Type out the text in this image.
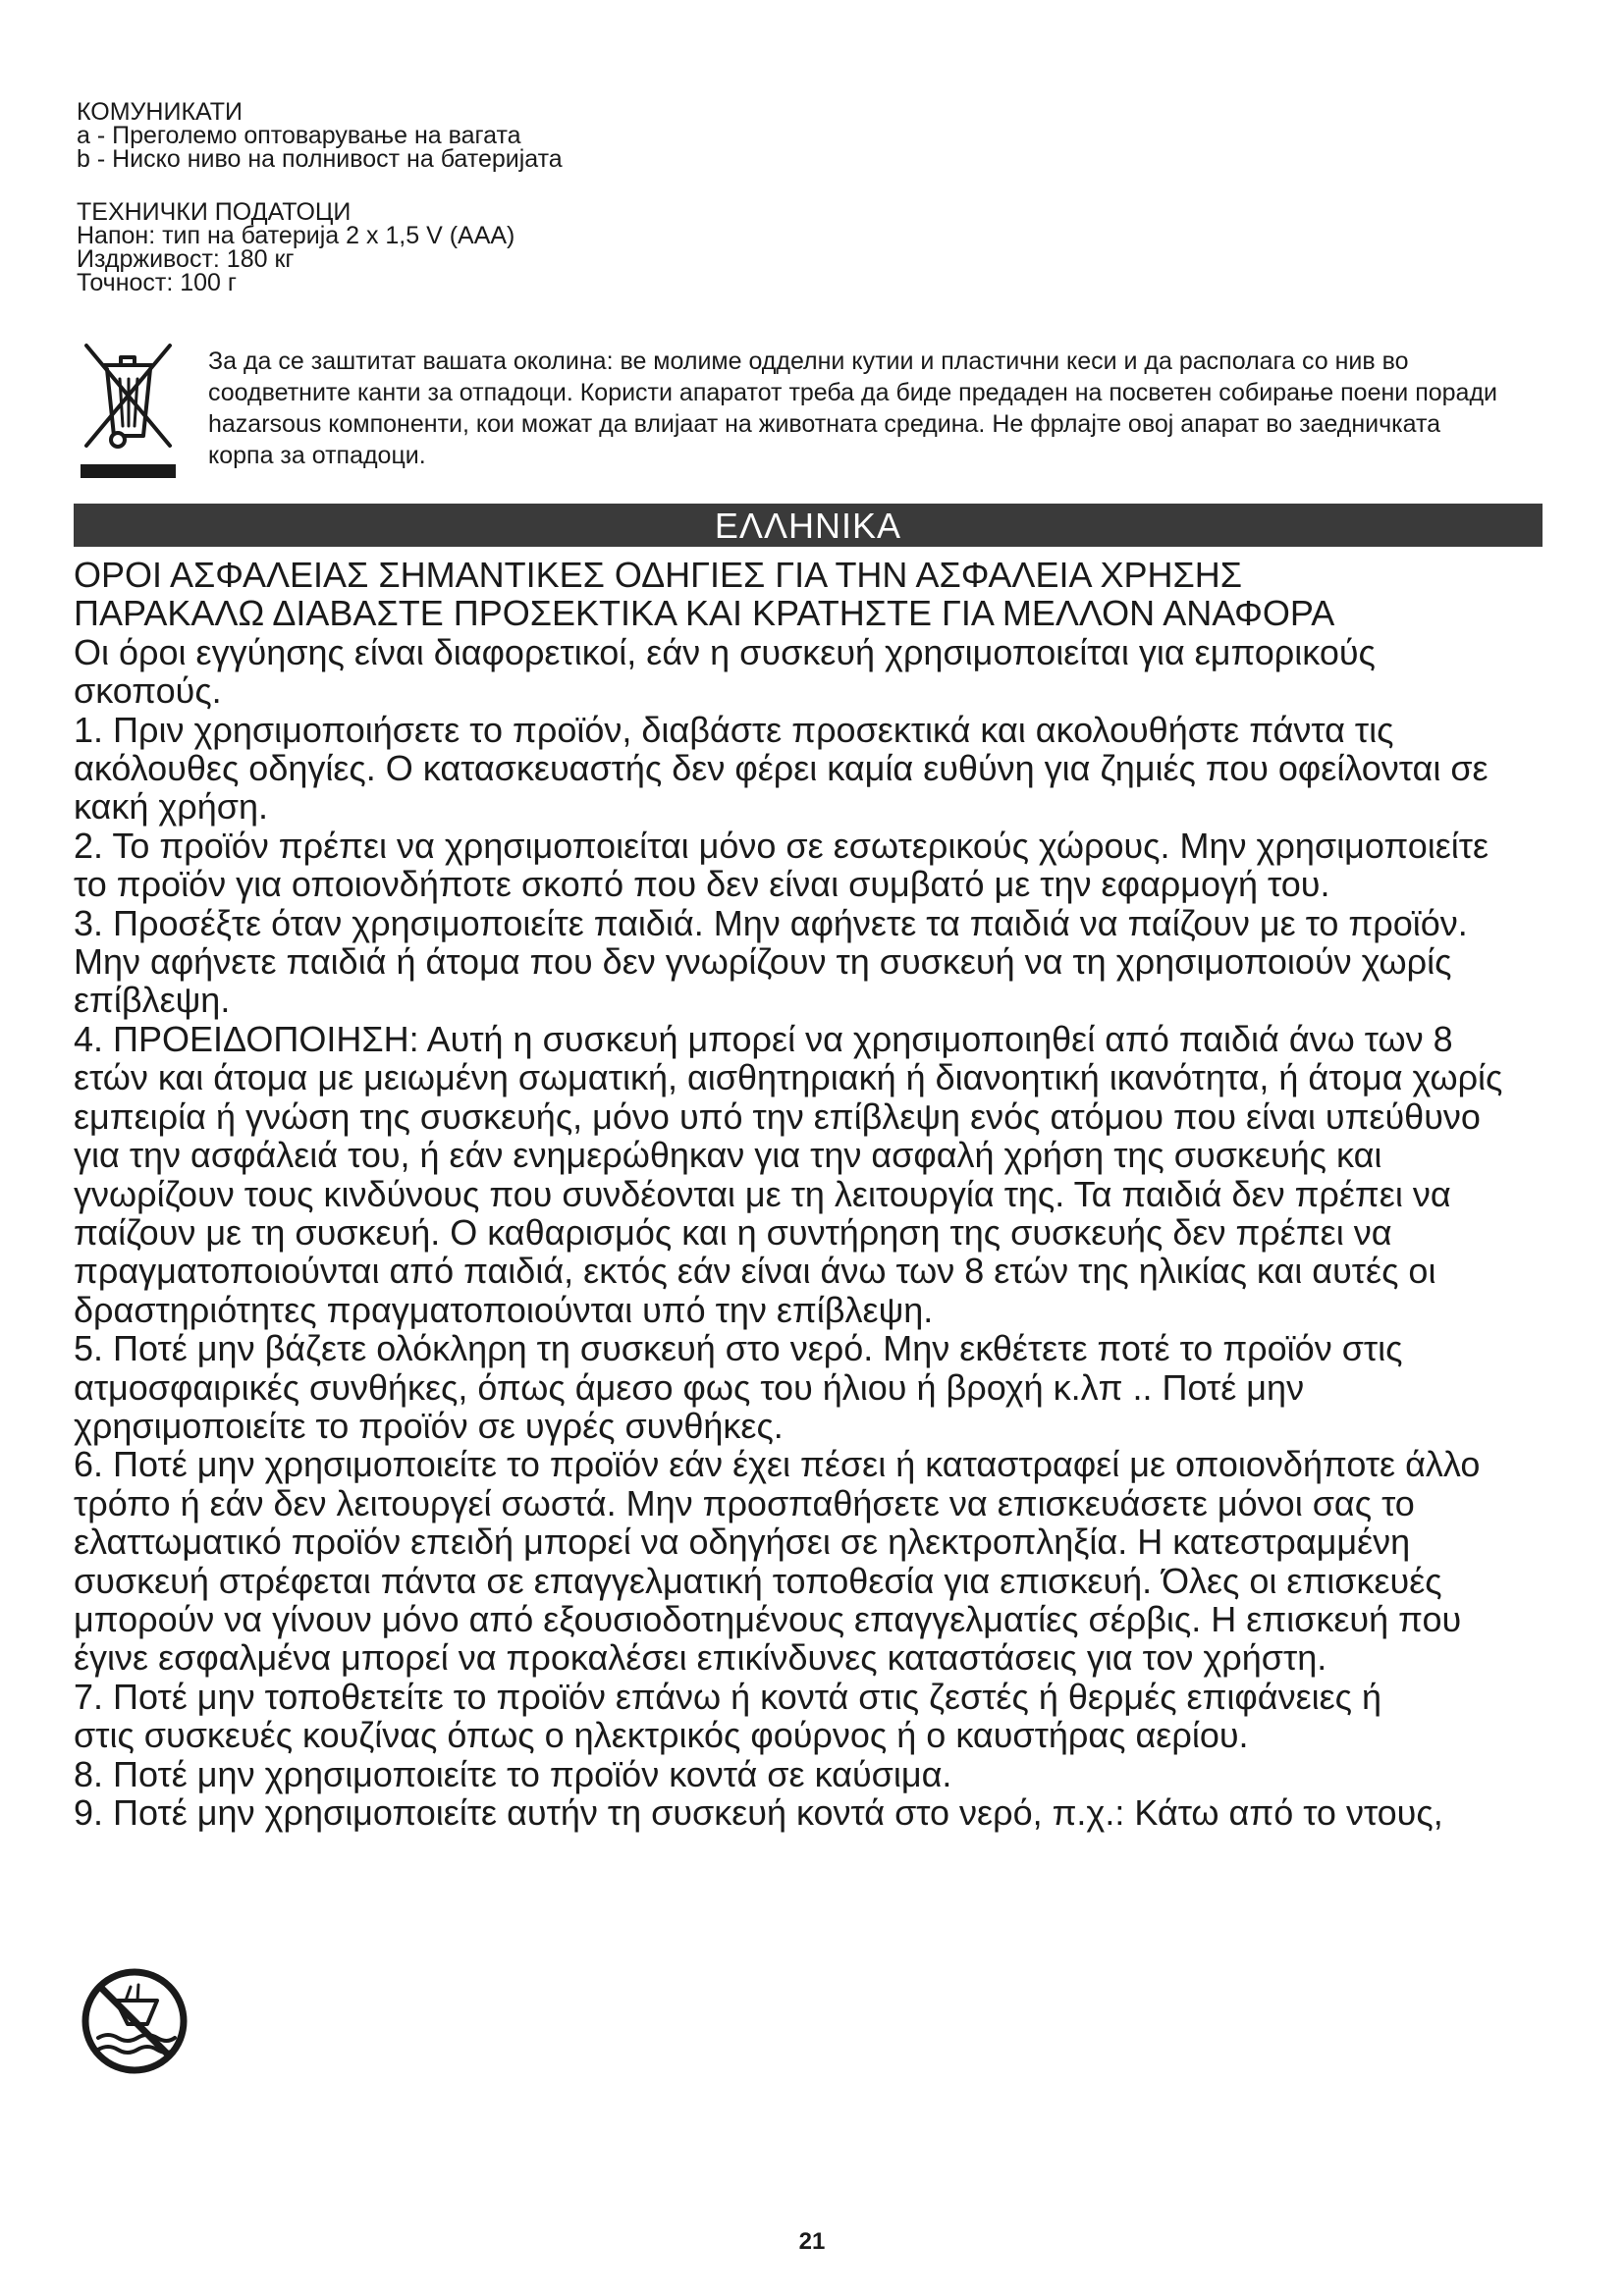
КОМУНИКАТИ
a - Преголемо оптоварување на вагата
b - Ниско ниво на полнивост на батеријата
ТЕХНИЧКИ ПОДАТОЦИ
Напон: тип на батерија 2 x 1,5 V (AAA)
Издрживост: 180 кг
Точност: 100 г
За да се заштитат вашата околина: ве молиме одделни кутии и пластични кеси и да располага со нив во
соодветните канти за отпадоци. Користи апаратот треба да биде предаден на посветен собирање поени поради
hazarsous компоненти, кои можат да влијаат на животната средина. Не фрлајте овој апарат во заедничката
корпа за отпадоци.
ΕΛΛΗΝΙΚΑ
ΟΡΟΙ ΑΣΦΑΛΕΙΑΣ ΣΗΜΑΝΤΙΚΕΣ ΟΔΗΓΙΕΣ ΓΙΑ ΤΗΝ ΑΣΦΑΛΕΙΑ ΧΡΗΣΗΣ
ΠΑΡΑΚΑΛΩ ΔΙΑΒΑΣΤΕ ΠΡΟΣΕΚΤΙΚΑ ΚΑΙ ΚΡΑΤΗΣΤΕ ΓΙΑ ΜΕΛΛΟΝ ΑΝΑΦΟΡΑ
Οι όροι εγγύησης είναι διαφορετικοί, εάν η συσκευή χρησιμοποιείται για εμπορικούς
σκοπούς.
1. Πριν χρησιμοποιήσετε το προϊόν, διαβάστε προσεκτικά και ακολουθήστε πάντα τις
ακόλουθες οδηγίες. Ο κατασκευαστής δεν φέρει καμία ευθύνη για ζημιές που οφείλονται σε
κακή χρήση.
2. Το προϊόν πρέπει να χρησιμοποιείται μόνο σε εσωτερικούς χώρους. Μην χρησιμοποιείτε
το προϊόν για οποιονδήποτε σκοπό που δεν είναι συμβατό με την εφαρμογή του.
3. Προσέξτε όταν χρησιμοποιείτε παιδιά. Μην αφήνετε τα παιδιά να παίζουν με το προϊόν.
Μην αφήνετε παιδιά ή άτομα που δεν γνωρίζουν τη συσκευή να τη χρησιμοποιούν χωρίς
επίβλεψη.
4. ΠΡΟΕΙΔΟΠΟΙΗΣΗ: Αυτή η συσκευή μπορεί να χρησιμοποιηθεί από παιδιά άνω των 8
ετών και άτομα με μειωμένη σωματική, αισθητηριακή ή διανοητική ικανότητα, ή άτομα χωρίς
εμπειρία ή γνώση της συσκευής, μόνο υπό την επίβλεψη ενός ατόμου που είναι υπεύθυνο
για την ασφάλειά του, ή εάν ενημερώθηκαν για την ασφαλή χρήση της συσκευής και
γνωρίζουν τους κινδύνους που συνδέονται με τη λειτουργία της. Τα παιδιά δεν πρέπει να
παίζουν με τη συσκευή. Ο καθαρισμός και η συντήρηση της συσκευής δεν πρέπει να
πραγματοποιούνται από παιδιά, εκτός εάν είναι άνω των 8 ετών της ηλικίας και αυτές οι
δραστηριότητες πραγματοποιούνται υπό την επίβλεψη.
5. Ποτέ μην βάζετε ολόκληρη τη συσκευή στο νερό. Μην εκθέτετε ποτέ το προϊόν στις
ατμοσφαιρικές συνθήκες, όπως άμεσο φως του ήλιου ή βροχή κ.λπ .. Ποτέ μην
χρησιμοποιείτε το προϊόν σε υγρές συνθήκες.
6. Ποτέ μην χρησιμοποιείτε το προϊόν εάν έχει πέσει ή καταστραφεί με οποιονδήποτε άλλο
τρόπο ή εάν δεν λειτουργεί σωστά. Μην προσπαθήσετε να επισκευάσετε μόνοι σας το
ελαττωματικό προϊόν επειδή μπορεί να οδηγήσει σε ηλεκτροπληξία. Η κατεστραμμένη
συσκευή στρέφεται πάντα σε επαγγελματική τοποθεσία για επισκευή. Όλες οι επισκευές
μπορούν να γίνουν μόνο από εξουσιοδοτημένους επαγγελματίες σέρβις. Η επισκευή που
έγινε εσφαλμένα μπορεί να προκαλέσει επικίνδυνες καταστάσεις για τον χρήστη.
7. Ποτέ μην τοποθετείτε το προϊόν επάνω ή κοντά στις ζεστές ή θερμές επιφάνειες ή
στις συσκευές κουζίνας όπως ο ηλεκτρικός φούρνος ή ο καυστήρας αερίου.
8. Ποτέ μην χρησιμοποιείτε το προϊόν κοντά σε καύσιμα.
9. Ποτέ μην χρησιμοποιείτε αυτήν τη συσκευή κοντά στο νερό, π.χ.: Κάτω από το ντους,
21
